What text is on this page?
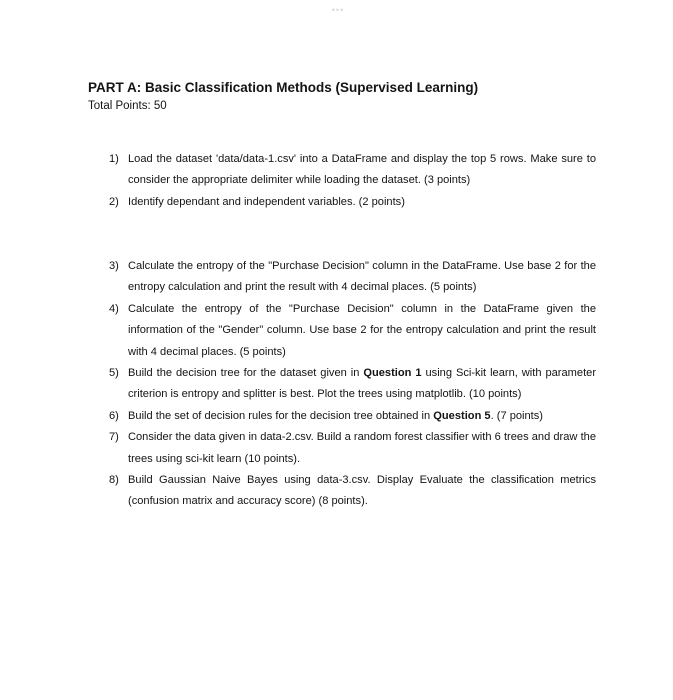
•••
PART A: Basic Classification Methods (Supervised Learning)
Total Points: 50
1) Load the dataset 'data/data-1.csv' into a DataFrame and display the top 5 rows. Make sure to consider the appropriate delimiter while loading the dataset. (3 points)
2) Identify dependant and independent variables. (2 points)
3) Calculate the entropy of the "Purchase Decision" column in the DataFrame. Use base 2 for the entropy calculation and print the result with 4 decimal places. (5 points)
4) Calculate the entropy of the "Purchase Decision" column in the DataFrame given the information of the "Gender" column. Use base 2 for the entropy calculation and print the result with 4 decimal places. (5 points)
5) Build the decision tree for the dataset given in Question 1 using Sci-kit learn, with parameter criterion is entropy and splitter is best. Plot the trees using matplotlib. (10 points)
6) Build the set of decision rules for the decision tree obtained in Question 5. (7 points)
7) Consider the data given in data-2.csv. Build a random forest classifier with 6 trees and draw the trees using sci-kit learn (10 points).
8) Build Gaussian Naive Bayes using data-3.csv. Display Evaluate the classification metrics (confusion matrix and accuracy score) (8 points).
